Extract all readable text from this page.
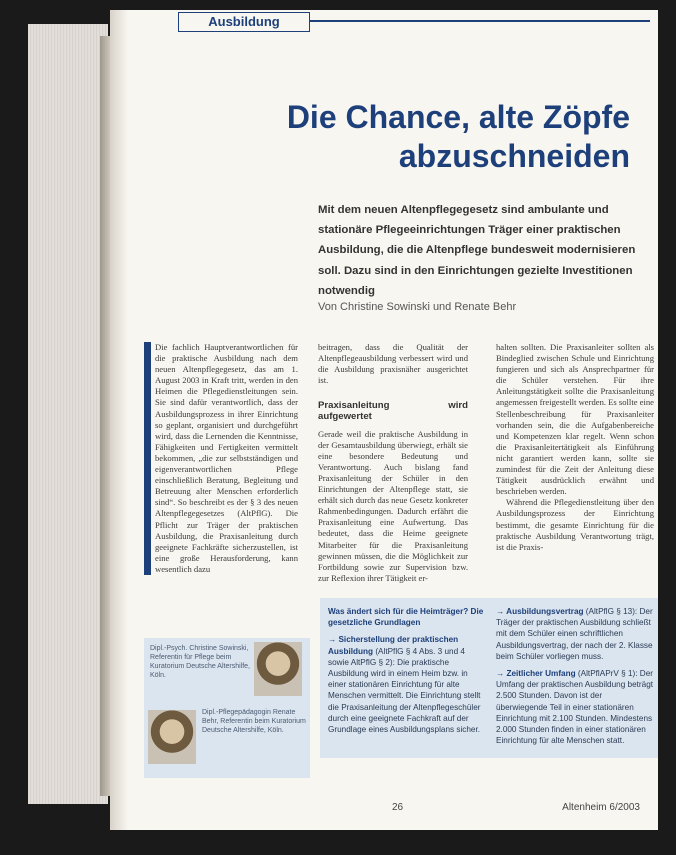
Ausbildung
Die Chance, alte Zöpfe
abzuschneiden

Mit dem neuen Altenpflegegesetz sind ambulante und stationäre Pflegeeinrichtungen Träger einer praktischen Ausbildung, die die Altenpflege bundesweit modernisieren soll. Dazu sind in den Einrichtungen gezielte Investitionen notwendig

Von Christine Sowinski und Renate Behr

Die fachlich Hauptverantwortlichen für die praktische Ausbildung nach dem neuen Altenpflegegesetz, das am 1. August 2003 in Kraft tritt, werden in den Heimen die Pflegedienstleitungen sein. Sie sind dafür verantwortlich, dass der Ausbildungsprozess in ihrer Einrichtung so geplant, organisiert und durchgeführt wird, dass die Lernenden die Kenntnisse, Fähigkeiten und Fertigkeiten vermittelt bekommen, „die zur selbstständigen und eigenverantwortlichen Pflege einschließlich Beratung, Begleitung und Betreuung alter Menschen erforderlich sind“. So beschreibt es der § 3 des neuen Altenpflegegesetzes (AltPflG). Die Pflicht zur Träger der praktischen Ausbildung, die Praxisanleitung durch geeignete Fachkräfte sicherzustellen, ist eine große Herausforderung, kann wesentlich dazu

beitragen, dass die Qualität der Altenpflegeausbildung verbessert wird und die Ausbildung praxisnäher ausgerichtet ist.

Praxisanleitung wird aufgewertet

Gerade weil die praktische Ausbildung in der Gesamtausbildung überwiegt, erhält sie eine besondere Bedeutung und Verantwortung. Auch bislang fand Praxisanleitung der Schüler in den Einrichtungen der Altenpflege statt, sie erhält sich durch das neue Gesetz konkreter Rahmenbedingungen. Dadurch erfährt die Praxisanleitung eine Aufwertung. Das bedeutet, dass die Heime geeignete Mitarbeiter für die Praxisanleitung gewinnen müssen, die die Möglichkeit zur Fortbildung sowie zur Supervision bzw. zur Reflexion ihrer Tätigkeit er-

halten sollten. Die Praxisanleiter sollten als Bindeglied zwischen Schule und Einrichtung fungieren und sich als Ansprechpartner für die Schüler verstehen. Für ihre Anleitungstätigkeit sollte die Praxisanleitung angemessen freigestellt werden. Es sollte eine Stellenbeschreibung für Praxisanleiter vorhanden sein, die die Aufgabenbereiche und Kompetenzen klar regelt. Wenn schon die Praxisanleitertätigkeit als Einführung nicht garantiert werden kann, sollte sie zumindest für die Zeit der Anleitung diese Tätigkeit ausdrücklich erwähnt und beschrieben werden.

Während die Pflegedienstleitung über den Ausbildungsprozess der Einrichtung bestimmt, die gesamte Einrichtung für die praktische Ausbildung Verantwortung trägt, ist die Praxis-

Dipl.-Psych. Christine Sowinski, Referentin für Pflege beim Kuratorium Deutsche Altershilfe, Köln.
Dipl.-Pflegepädagogin Renate Behr, Referentin beim Kuratorium Deutsche Altershilfe, Köln.

Was ändert sich für die Heimträger? Die gesetzliche Grundlagen

→ Sicherstellung der praktischen Ausbildung (AltPflG § 4 Abs. 3 und 4 sowie AltPflG § 2): Die praktische Ausbildung wird in einem Heim bzw. in einer stationären Einrichtung für alte Menschen vermittelt. Die Einrichtung stellt die Praxisanleitung der Altenpflegeschüler durch eine geeignete Fachkraft auf der Grundlage eines Ausbildungsplans sicher.

→ Ausbildungsvertrag (AltPflG § 13): Der Träger der praktischen Ausbildung schließt mit dem Schüler einen schriftlichen Ausbildungsvertrag, der nach der 2. Klasse beim Schüler vorliegen muss.

→ Zeitlicher Umfang (AltPflAPrV § 1): Der Umfang der praktischen Ausbildung beträgt 2.500 Stunden. Davon ist der überwiegende Teil in einer stationären Einrichtung mit 2.100 Stunden. Mindestens 2.000 Stunden finden in einer stationären Einrichtung für alte Menschen statt.

26	Altenheim 6/2003
